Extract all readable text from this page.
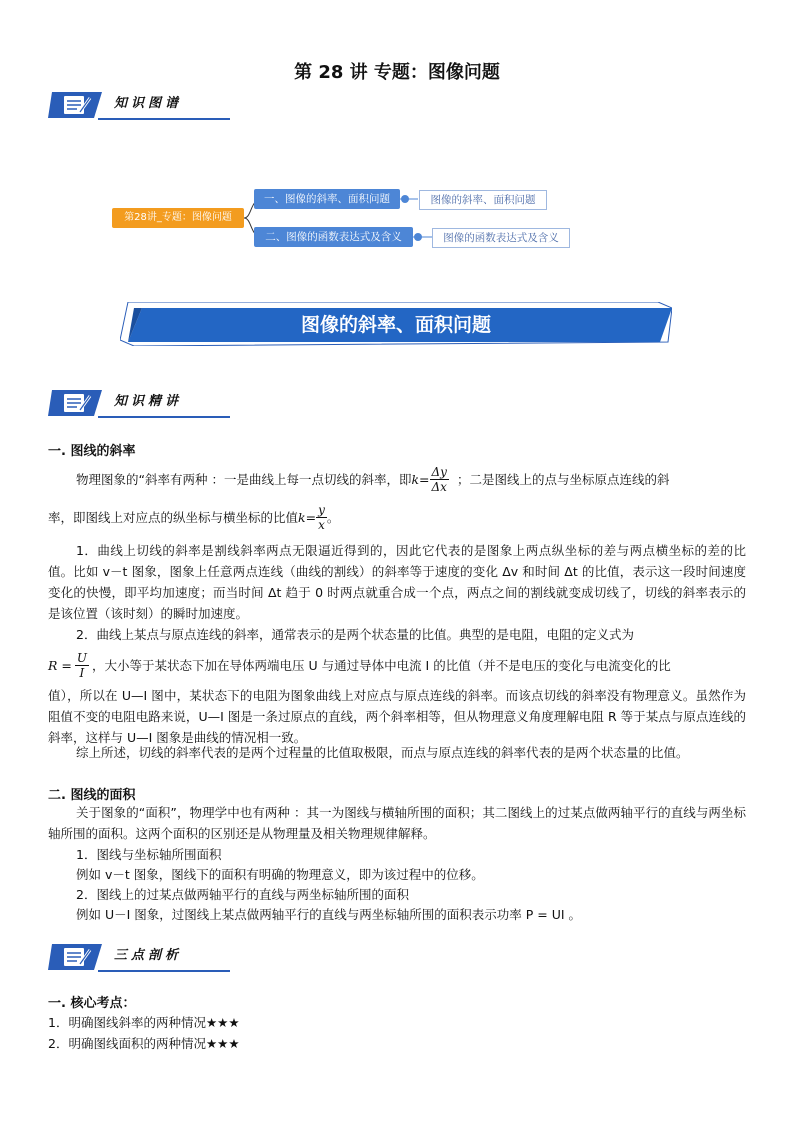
第 28 讲 专题：图像问题
知识图谱
第28讲_专题：图像问题
一、图像的斜率、面积问题	图像的斜率、面积问题
二、图像的函数表达式及含义	图像的函数表达式及含义
图像的斜率、面积问题
知识精讲
一. 图线的斜率
物理图象的“斜率有两种 ：一是曲线上每一点切线的斜率，即 $k= \frac{\Delta y}{\Delta x}$ ；二是图线上的点与坐标原点连线的斜
率，即图线上对应点的纵坐标与横坐标的比值 $k= \frac{y}{x}$ 。
1．曲线上切线的斜率是割线斜率两点无限逼近得到的，因此它代表的是图象上两点纵坐标的差与两点横坐标的差的比值。比如 v－t 图象，图象上任意两点连线（曲线的割线）的斜率等于速度的变化 Δv 和时间 Δt 的比值，表示这一段时间速度变化的快慢，即平均加速度；而当时间 Δt 趋于 0 时两点就重合成一个点，两点之间的割线就变成切线了，切线的斜率表示的是该位置（该时刻）的瞬时加速度。
2．曲线上某点与原点连线的斜率，通常表示的是两个状态量的比值。典型的是电阻，电阻的定义式为
$R = \frac{U}{I}$ ，大小等于某状态下加在导体两端电压 U 与通过导体中电流 I 的比值（并不是电压的变化与电流变化的比
值），所以在 U—I 图中，某状态下的电阻为图象曲线上对应点与原点连线的斜率。而该点切线的斜率没有物理意义。虽然作为阻值不变的电阻电路来说，U—I 图是一条过原点的直线，两个斜率相等，但从物理意义角度理解电阻 R 等于某点与原点连线的斜率，这样与 U—I 图象是曲线的情况相一致。
综上所述，切线的斜率代表的是两个过程量的比值取极限，而点与原点连线的斜率代表的是两个状态量的比值。
二. 图线的面积
关于图象的“面积”，物理学中也有两种 ：其一为图线与横轴所围的面积；其二图线上的过某点做两轴平行的直线与两坐标轴所围的面积。这两个面积的区别还是从物理量及相关物理规律解释。
1．图线与坐标轴所围面积
例如 v－t 图象，图线下的面积有明确的物理意义，即为该过程中的位移。
2．图线上的过某点做两轴平行的直线与两坐标轴所围的面积
例如 U－I 图象，过图线上某点做两轴平行的直线与两坐标轴所围的面积表示功率 P = UI 。
三点剖析
一. 核心考点：
1．明确图线斜率的两种情况★★★
2．明确图线面积的两种情况★★★
